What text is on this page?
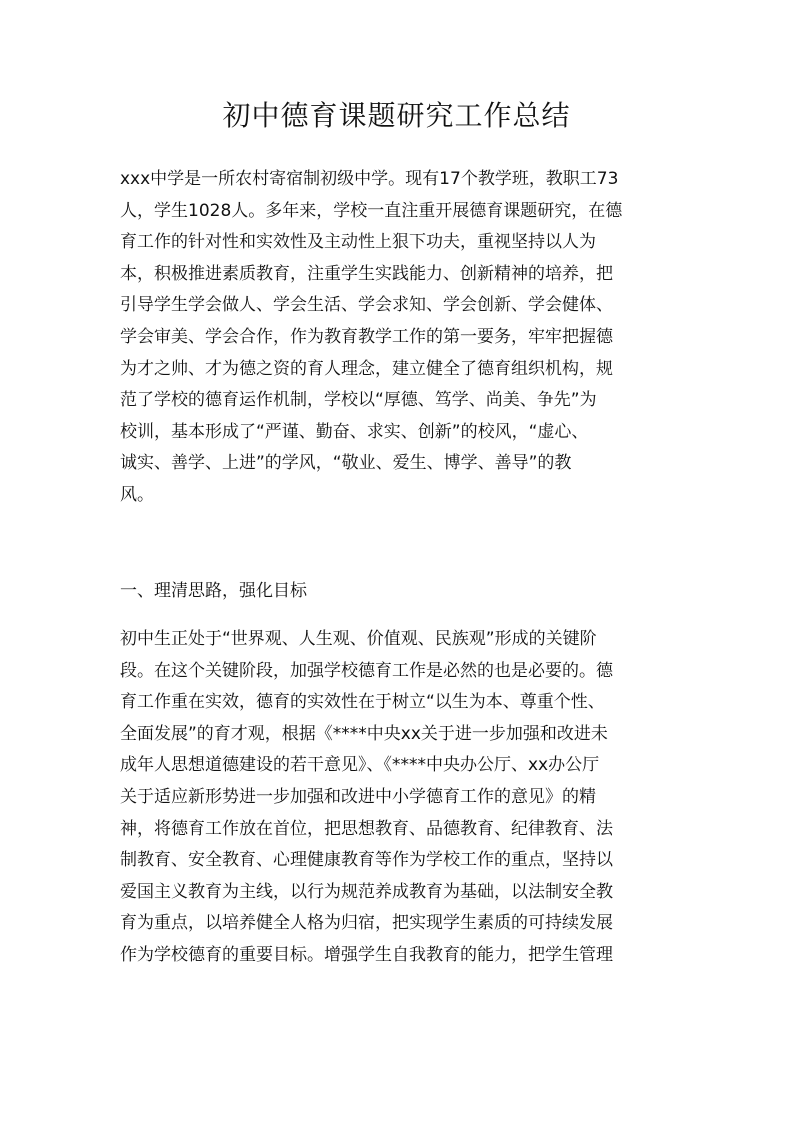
初中德育课题研究工作总结
xxx中学是一所农村寄宿制初级中学。现有17个教学班，教职工73
人，学生1028人。多年来，学校一直注重开展德育课题研究，在德
育工作的针对性和实效性及主动性上狠下功夫，重视坚持以人为
本，积极推进素质教育，注重学生实践能力、创新精神的培养，把
引导学生学会做人、学会生活、学会求知、学会创新、学会健体、
学会审美、学会合作，作为教育教学工作的第一要务，牢牢把握德
为才之帅、才为德之资的育人理念，建立健全了德育组织机构，规
范了学校的德育运作机制，学校以“厚德、笃学、尚美、争先”为
校训，基本形成了“严谨、勤奋、求实、创新”的校风，“虚心、
诚实、善学、上进”的学风，“敬业、爱生、博学、善导”的教
风。
一、理清思路，强化目标
初中生正处于“世界观、人生观、价值观、民族观”形成的关键阶
段。在这个关键阶段，加强学校德育工作是必然的也是必要的。德
育工作重在实效，德育的实效性在于树立“以生为本、尊重个性、
全面发展”的育才观，根据《****中央xx关于进一步加强和改进未
成年人思想道德建设的若干意见》、《****中央办公厅、xx办公厅
关于适应新形势进一步加强和改进中小学德育工作的意见》的精
神，将德育工作放在首位，把思想教育、品德教育、纪律教育、法
制教育、安全教育、心理健康教育等作为学校工作的重点，坚持以
爱国主义教育为主线，以行为规范养成教育为基础，以法制安全教
育为重点，以培养健全人格为归宿，把实现学生素质的可持续发展
作为学校德育的重要目标。增强学生自我教育的能力，把学生管理
